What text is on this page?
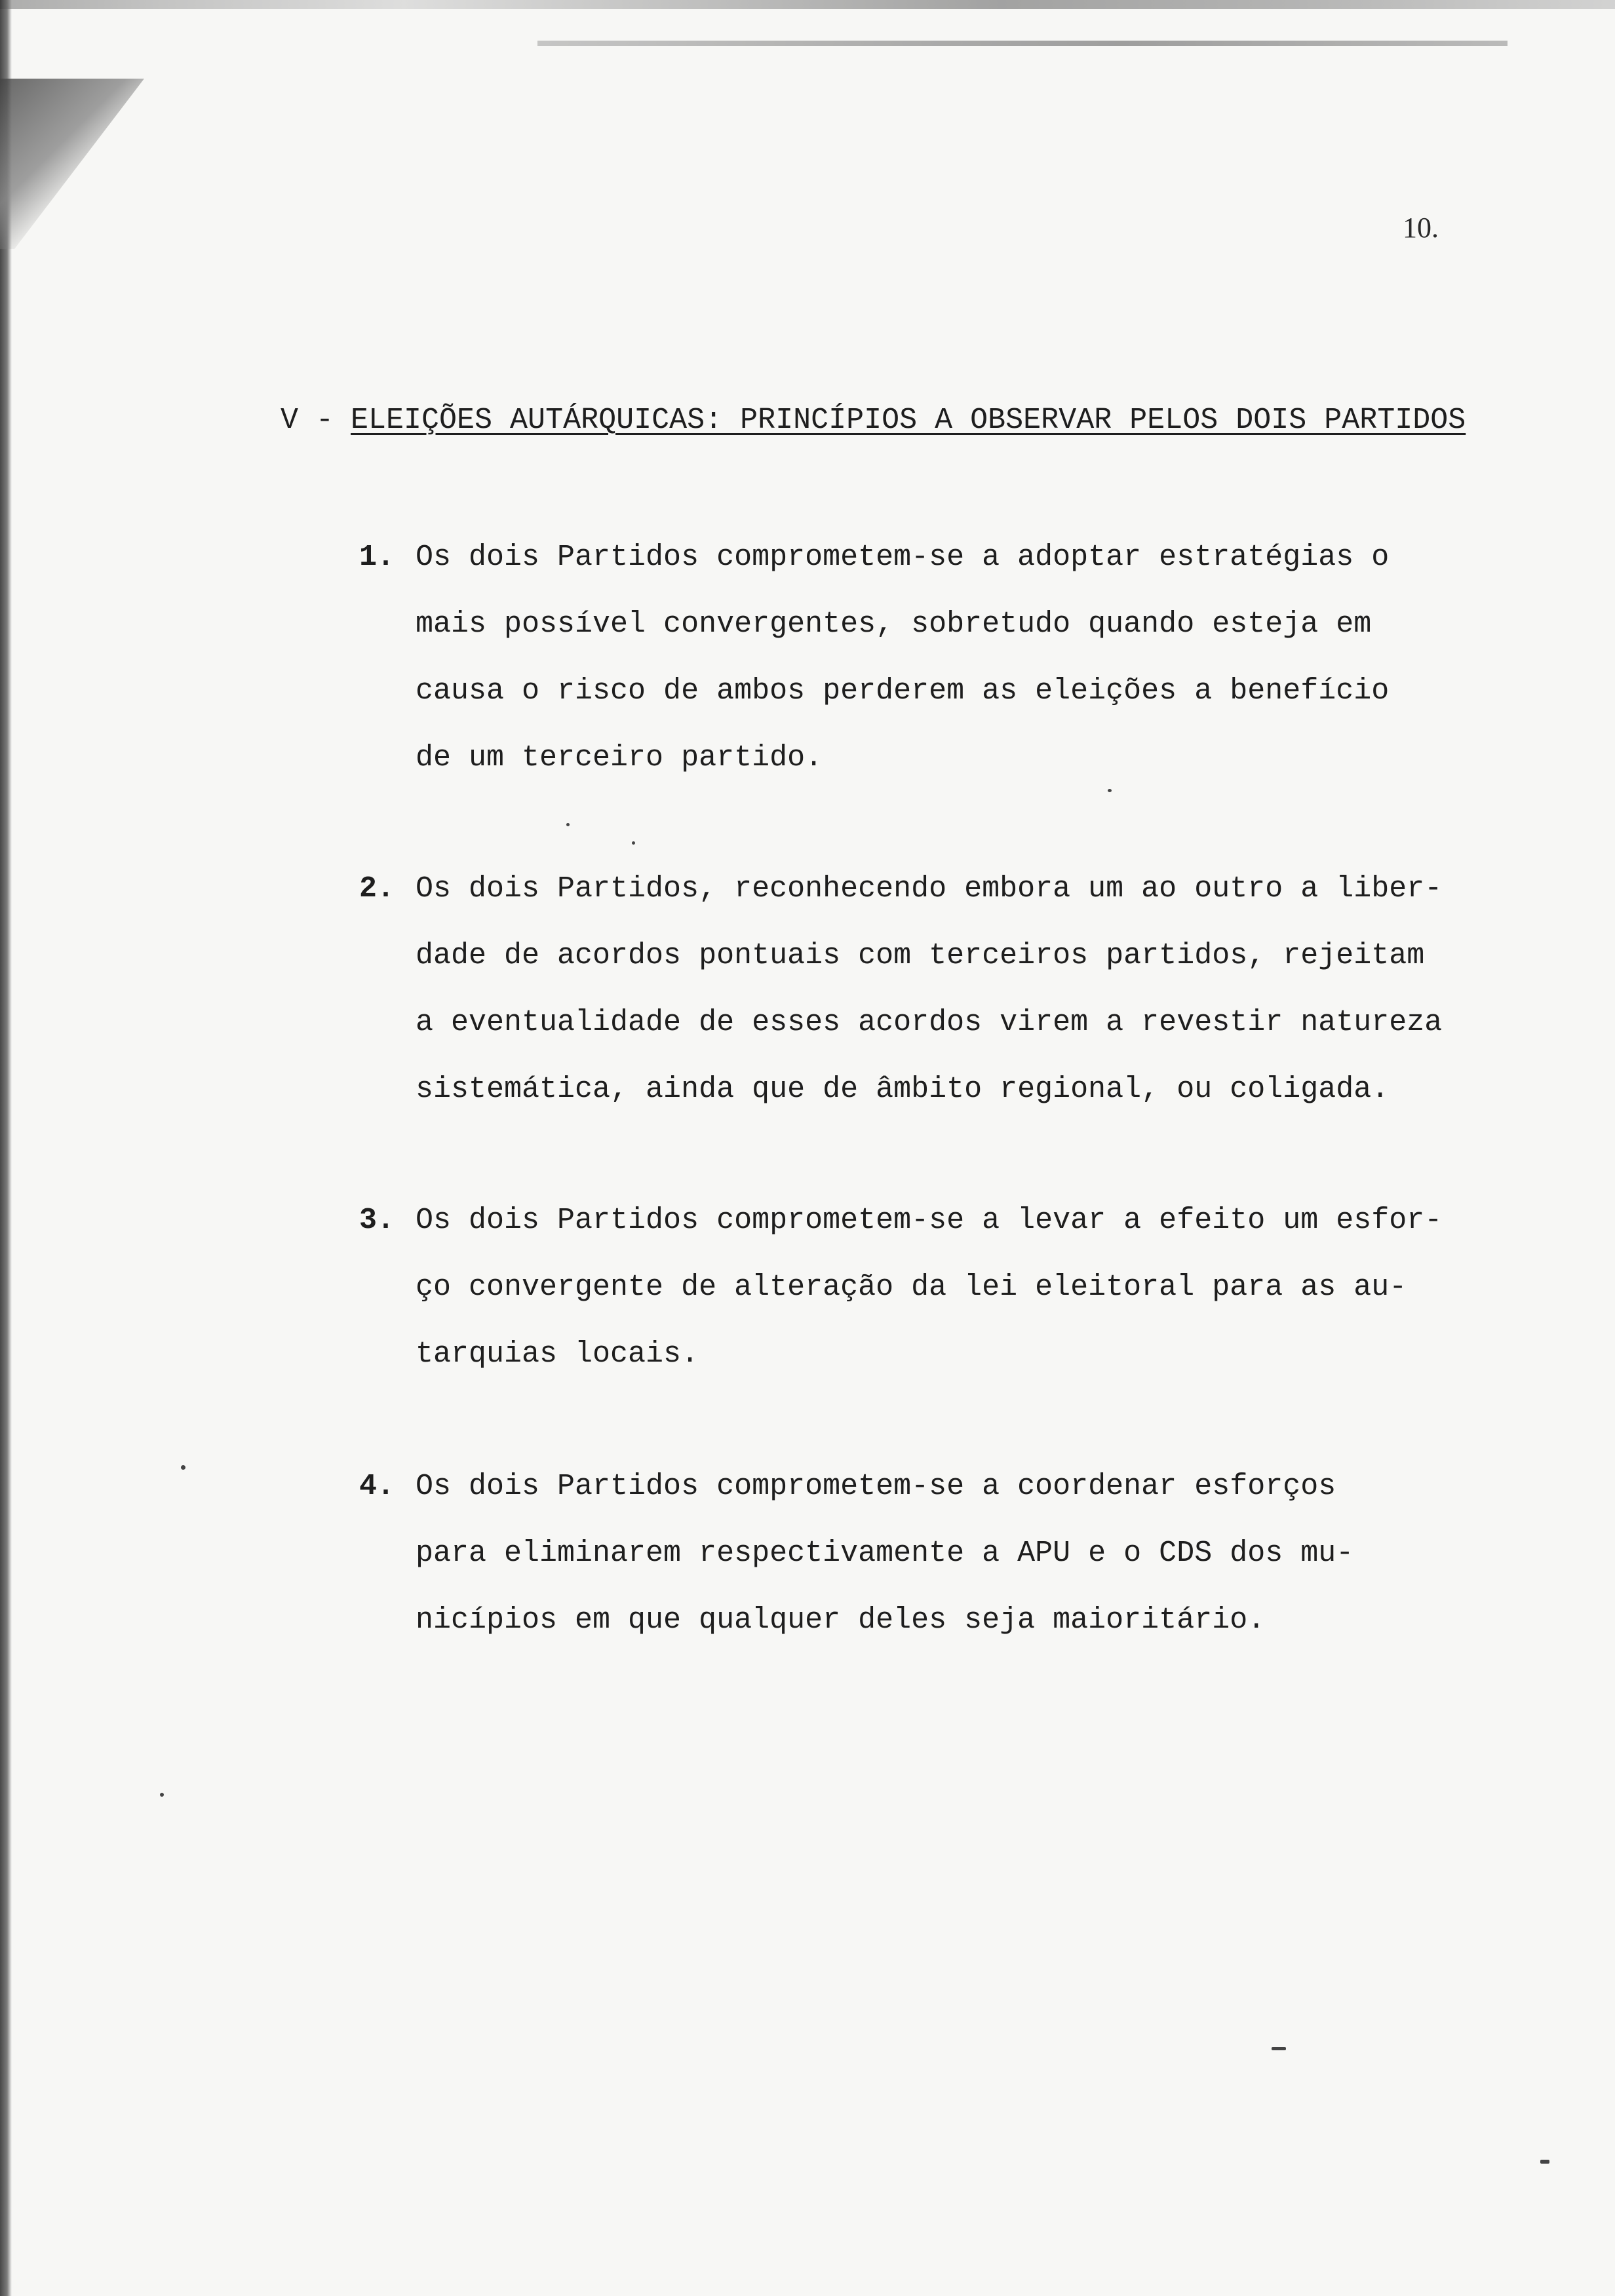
10.
V - ELEIÇÕES AUTÁRQUICAS: PRINCÍPIOS A OBSERVAR PELOS DOIS PARTIDOS
1. Os dois Partidos comprometem-se a adoptar estratégias o
mais possível convergentes, sobretudo quando esteja em
causa o risco de ambos perderem as eleições a benefício
de um terceiro partido.
2. Os dois Partidos, reconhecendo embora um ao outro a liber-
dade de acordos pontuais com terceiros partidos, rejeitam
a eventualidade de esses acordos virem a revestir natureza
sistemática, ainda que de âmbito regional, ou coligada.
3. Os dois Partidos comprometem-se a levar a efeito um esfor-
ço convergente de alteração da lei eleitoral para as au-
tarquias locais.
4. Os dois Partidos comprometem-se a coordenar esforços
para eliminarem respectivamente a APU e o CDS dos mu-
nicípios em que qualquer deles seja maioritário.
